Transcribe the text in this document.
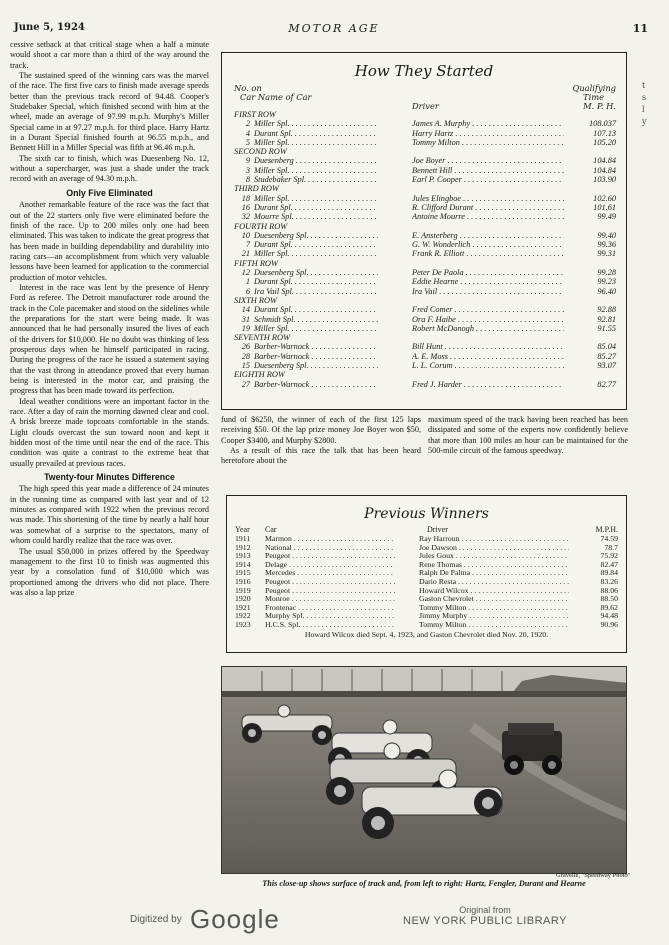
June 5, 1924	MOTOR AGE	11

cessive setback at that critical stage when a half a minute would shoot a car more than a third of the way around the track.

The sustained speed of the winning cars was the marvel of the race. The first five cars to finish made average speeds better than the previous track record of 94.48. Cooper's Studebaker Special, which finished second with him at the wheel, made an average of 97.99 m.p.h. Murphy's Miller Special came in at 97.27 m.p.h. for third place. Harry Hartz in a Durant Special finished fourth at 96.55 m.p.h., and Bennett Hill in a Miller Special was fifth at 96.46 m.p.h.

The sixth car to finish, which was Duesenberg No. 12, without a supercharger, was just a shade under the track record with an average of 94.30 m.p.h.

Only Five Eliminated

Another remarkable feature of the race was the fact that out of the 22 starters only five were eliminated before the finish of the race. Up to 200 miles only one had been eliminated. This was taken to indicate the great progress that has been made in building dependability and durability into racing cars—an accomplishment from which very valuable lessons have been learned for application to the commercial production of motor vehicles.

Interest in the race was lent by the presence of Henry Ford as referee. The Detroit manufacturer rode around the track in the Cole pacemaker and stood on the sidelines while the preparations for the start were being made. It was announced that he had personally insured the lives of each of the drivers for $10,000. He no doubt was thinking of less prosperous days when he himself participated in racing. During the progress of the race he issued a statement saying that the vast throng in attendance proved that every human being is interested in the motor car, and praising the progress that has been made toward its perfection.

Ideal weather conditions were an important factor in the race. After a day of rain the morning dawned clear and cool. A brisk breeze made topcoats comfortable in the stands. Light clouds overcast the sun toward noon and kept it hidden most of the time until near the end of the race. This condition was quite a contrast to the extreme heat that usually prevailed at previous races.

Twenty-four Minutes Difference

The high speed this year made a difference of 24 minutes in the running time as compared with last year and of 12 minutes as compared with 1922 when the previous record was made. This shortening of the time by nearly a half hour was somewhat of a surprise to the spectators, many of whom could hardly realize that the race was over.

The usual $50,000 in prizes offered by the Speedway management to the first 10 to finish was augmented this year by a consolation fund of $10,000 which was proportioned among the drivers who did not place. There was also a lap prize

How They Started
No. on
Car Name of Car
Driver
Qualifying
Time
M. P. H.
FIRST ROW
2 Miller Spl. . . .	James A. Murphy . . .	108.037
4 Durant Spl. . . .	Harry Hartz . . .	107.13
5 Miller Spl. . . .	Tommy Milton . . .	105.20
SECOND ROW
9 Duesenberg . . .	Joe Boyer . . .	104.84
3 Miller Spl. . . .	Bennett Hill . . .	104.84
8 Studebaker Spl. . . .	Earl P. Cooper . . .	103.90
THIRD ROW
18 Miller Spl. . . .	Jules Elingboe . . .	102.60
16 Durant Spl. . . .	R. Clifford Durant . . .	101.61
32 Mourre Spl. . . .	Antoine Mourre . . .	99.49
FOURTH ROW
10 Duesenberg Spl. . . .	E. Ansterberg . . .	99.40
7 Durant Spl. . . .	G. W. Wonderlich . . .	99.36
21 Miller Spl. . . .	Frank R. Elliott . . .	99.31
FIFTH ROW
12 Duesenberg Spl. . . .	Peter De Paola . . .	99.28
1 Durant Spl. . . .	Eddie Hearne . . .	99.23
6 Ira Vail Spl. . . .	Ira Vail . . .	96.40
SIXTH ROW
14 Durant Spl. . . .	Fred Comer . . .	92.88
31 Schmidt Spl. . . .	Ora F. Haibe . . .	92.81
19 Miller Spl. . . .	Robert McDonogh . . .	91.55
SEVENTH ROW
26 Barber-Warnock . . .	Bill Hunt . . .	85.04
28 Barber-Warnock . . .	A. E. Moss . . .	85.27
15 Duesenberg Spl. . . .	L. L. Corum . . .	93.07
EIGHTH ROW
27 Barber-Warnock . . .	Fred J. Harder . . .	82.77

fund of $6250, the winner of each of the first 125 laps receiving $50. Of the lap prize money Joe Boyer won $50, Cooper $3400, and Murphy $2800.

As a result of this race the talk that has been heard heretofore about the

maximum speed of the track having been reached has been dissipated and some of the experts now confidently believe that more than 100 miles an hour can be maintained for the 500-mile circuit of the famous speedway.

Previous Winners
Year Car	Driver	M.P.H.
1911 Marmon . . .	Ray Harroun . . .	74.59
1912 National . . .	Joe Dawson . . .	78.7
1913 Peugeot . . .	Jules Goux . . .	75.92
1914 Delage . . .	Rene Thomas . . .	82.47
1915 Mercedes . . .	Ralph De Palma . . .	89.84
1916 Peugeot . . .	Dario Resta . . .	83.26
1919 Peugeot . . .	Howard Wilcox . . .	88.06
1920 Monroe . . .	Gaston Chevrolet . . .	88.50
1921 Frontenac . . .	Tommy Milton . . .	89.62
1922 Murphy Spl. . . .	Jimmy Murphy . . .	94.48
1923 H.C.S. Spl. . . .	Tommy Milton . . .	90.96
Howard Wilcox died Sept. 4, 1923, and Gaston Chevrolet died Nov. 20, 1920.
Gravelle, "Speedway Photo"
This close-up shows surface of track and, from left to right: Hartz, Fengler, Durant and Hearne
Digitized by Google	Original from
NEW YORK PUBLIC LIBRARY
t
s
l
y
